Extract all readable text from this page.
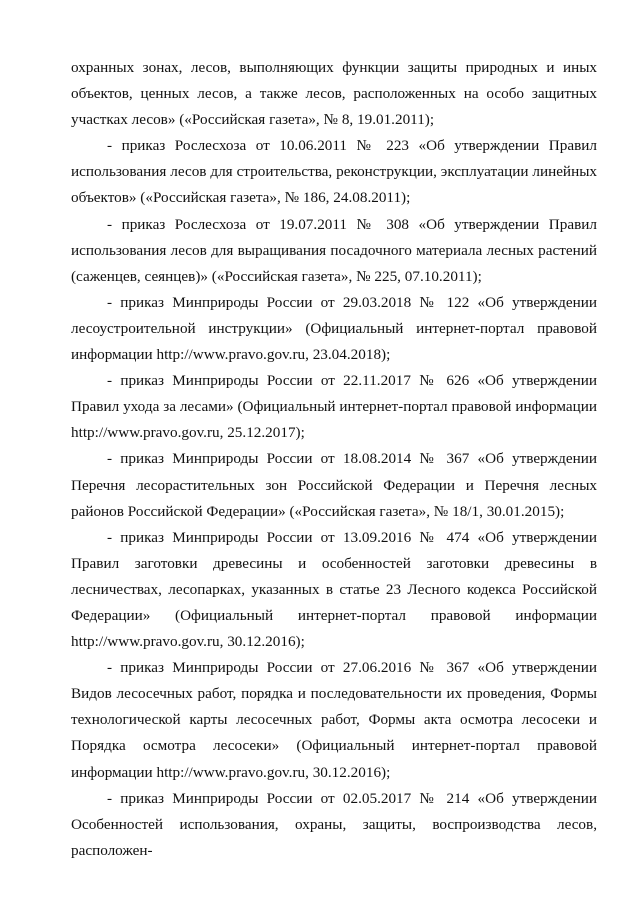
охранных зонах, лесов, выполняющих функции защиты природных и иных объектов, ценных лесов, а также лесов, расположенных на особо защитных участках лесов» («Российская газета», № 8, 19.01.2011);

- приказ Рослесхоза от 10.06.2011 № 223 «Об утверждении Правил использования лесов для строительства, реконструкции, эксплуатации линейных объектов» («Российская газета», № 186, 24.08.2011);

- приказ Рослесхоза от 19.07.2011 № 308 «Об утверждении Правил использования лесов для выращивания посадочного материала лесных растений (саженцев, сеянцев)» («Российская газета», № 225, 07.10.2011);

- приказ Минприроды России от 29.03.2018 № 122 «Об утверждении лесоустроительной инструкции» (Официальный интернет-портал правовой информации http://www.pravo.gov.ru, 23.04.2018);

- приказ Минприроды России от 22.11.2017 № 626 «Об утверждении Правил ухода за лесами» (Официальный интернет-портал правовой информации http://www.pravo.gov.ru, 25.12.2017);

- приказ Минприроды России от 18.08.2014 № 367 «Об утверждении Перечня лесорастительных зон Российской Федерации и Перечня лесных районов Российской Федерации» («Российская газета», № 18/1, 30.01.2015);

- приказ Минприроды России от 13.09.2016 № 474 «Об утверждении Правил заготовки древесины и особенностей заготовки древесины в лесничествах, лесопарках, указанных в статье 23 Лесного кодекса Российской Федерации» (Официальный интернет-портал правовой информации http://www.pravo.gov.ru, 30.12.2016);

- приказ Минприроды России от 27.06.2016 № 367 «Об утверждении Видов лесосечных работ, порядка и последовательности их проведения, Формы технологической карты лесосечных работ, Формы акта осмотра лесосеки и Порядка осмотра лесосеки» (Официальный интернет-портал правовой информации http://www.pravo.gov.ru, 30.12.2016);

- приказ Минприроды России от 02.05.2017 № 214 «Об утверждении Особенностей использования, охраны, защиты, воспроизводства лесов, расположен-
